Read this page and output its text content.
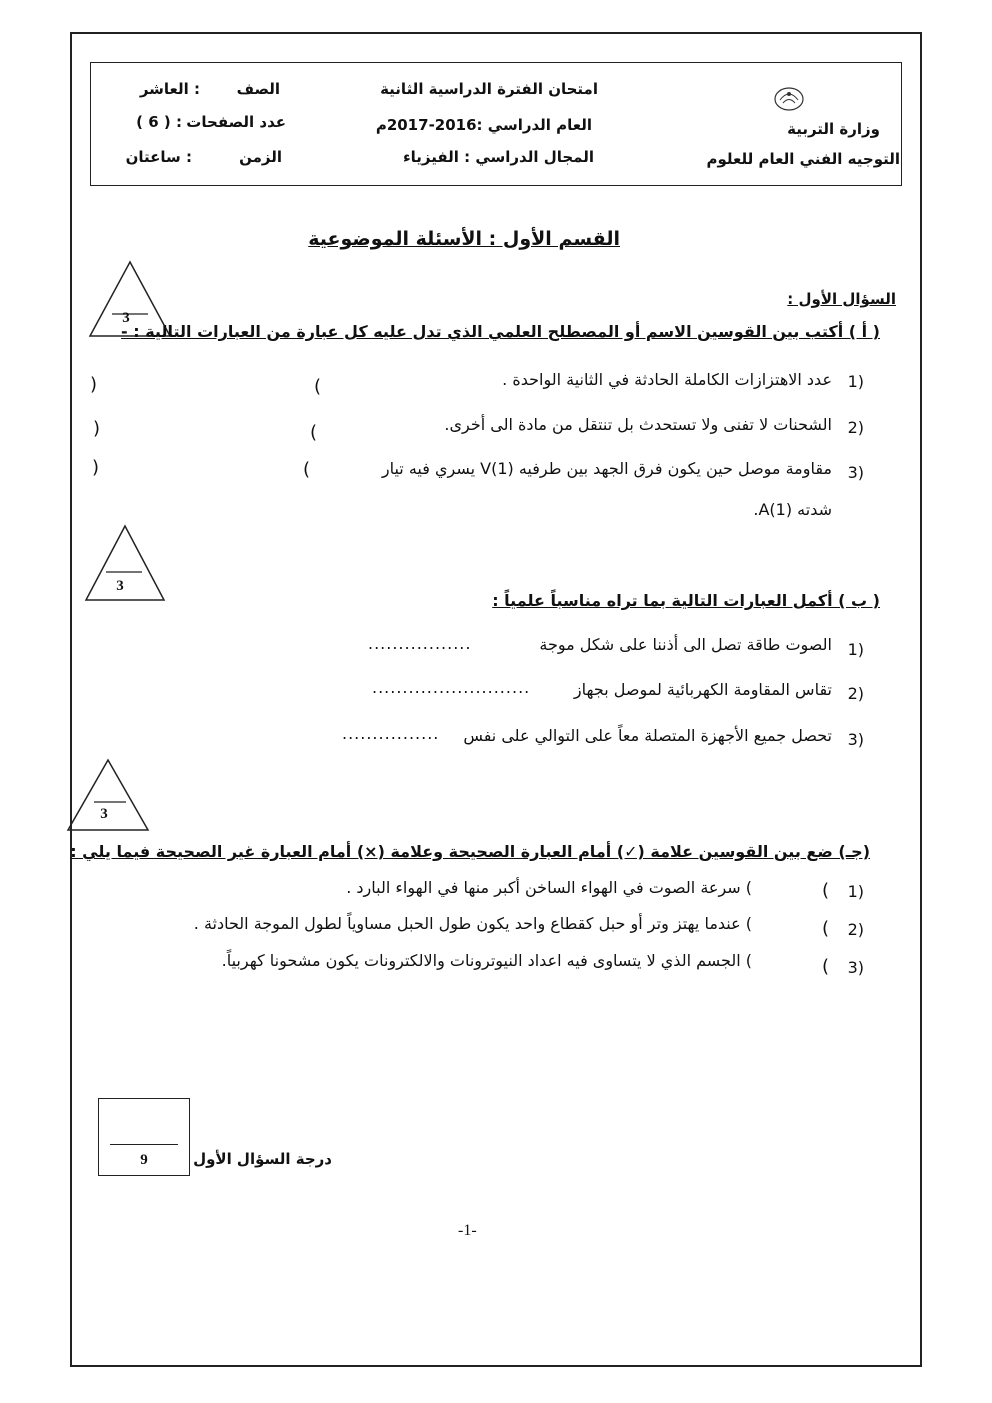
وزارة التربية
التوجيه الفني العام للعلوم
امتحان الفترة الدراسية الثانية
العام الدراسي :2016-2017م
المجال الدراسي : الفيزياء
الصف
: العاشر
عدد الصفحات
: ( 6 )
الزمن
: ساعتان
القسم الأول : الأسئلة الموضوعية
السؤال الأول :
3
( أ ) أكتب بين القوسين الاسم أو المصطلح العلمي الذي تدل عليه كل عبارة من العبارات التالية : -
1)
عدد الاهتزازات الكاملة الحادثة في الثانية الواحدة .
(
)
2)
الشحنات لا تفنى ولا تستحدث بل تنتقل من مادة الى أخرى.
(
)
3)
مقاومة موصل حين يكون فرق الجهد بين طرفيه V(1) يسري فيه تيار
شدته A(1).
(
)
3
( ب ) أكمل العبارات التالية بما تراه مناسباً علمياً :
1)
الصوت طاقة تصل الى أذننا على شكل موجة
.................
2)
تقاس المقاومة الكهربائية لموصل بجهاز
..........................
3)
تحصل جميع الأجهزة المتصلة معاً على التوالي على نفس
................
3
(جـ) ضع بين القوسين علامة (✓) أمام العبارة الصحيحة وعلامة (×) أمام العبارة غير الصحيحة فيما يلي :
1)
(
) سرعة الصوت في الهواء الساخن أكبر منها في الهواء البارد .
2)
(
) عندما يهتز وتر أو حبل كقطاع واحد يكون طول الحبل مساوياً لطول الموجة الحادثة .
3)
(
) الجسم الذي لا يتساوى فيه اعداد النيوترونات والالكترونات يكون مشحونا كهربياً.
9	درجة السؤال الأول
-1-
